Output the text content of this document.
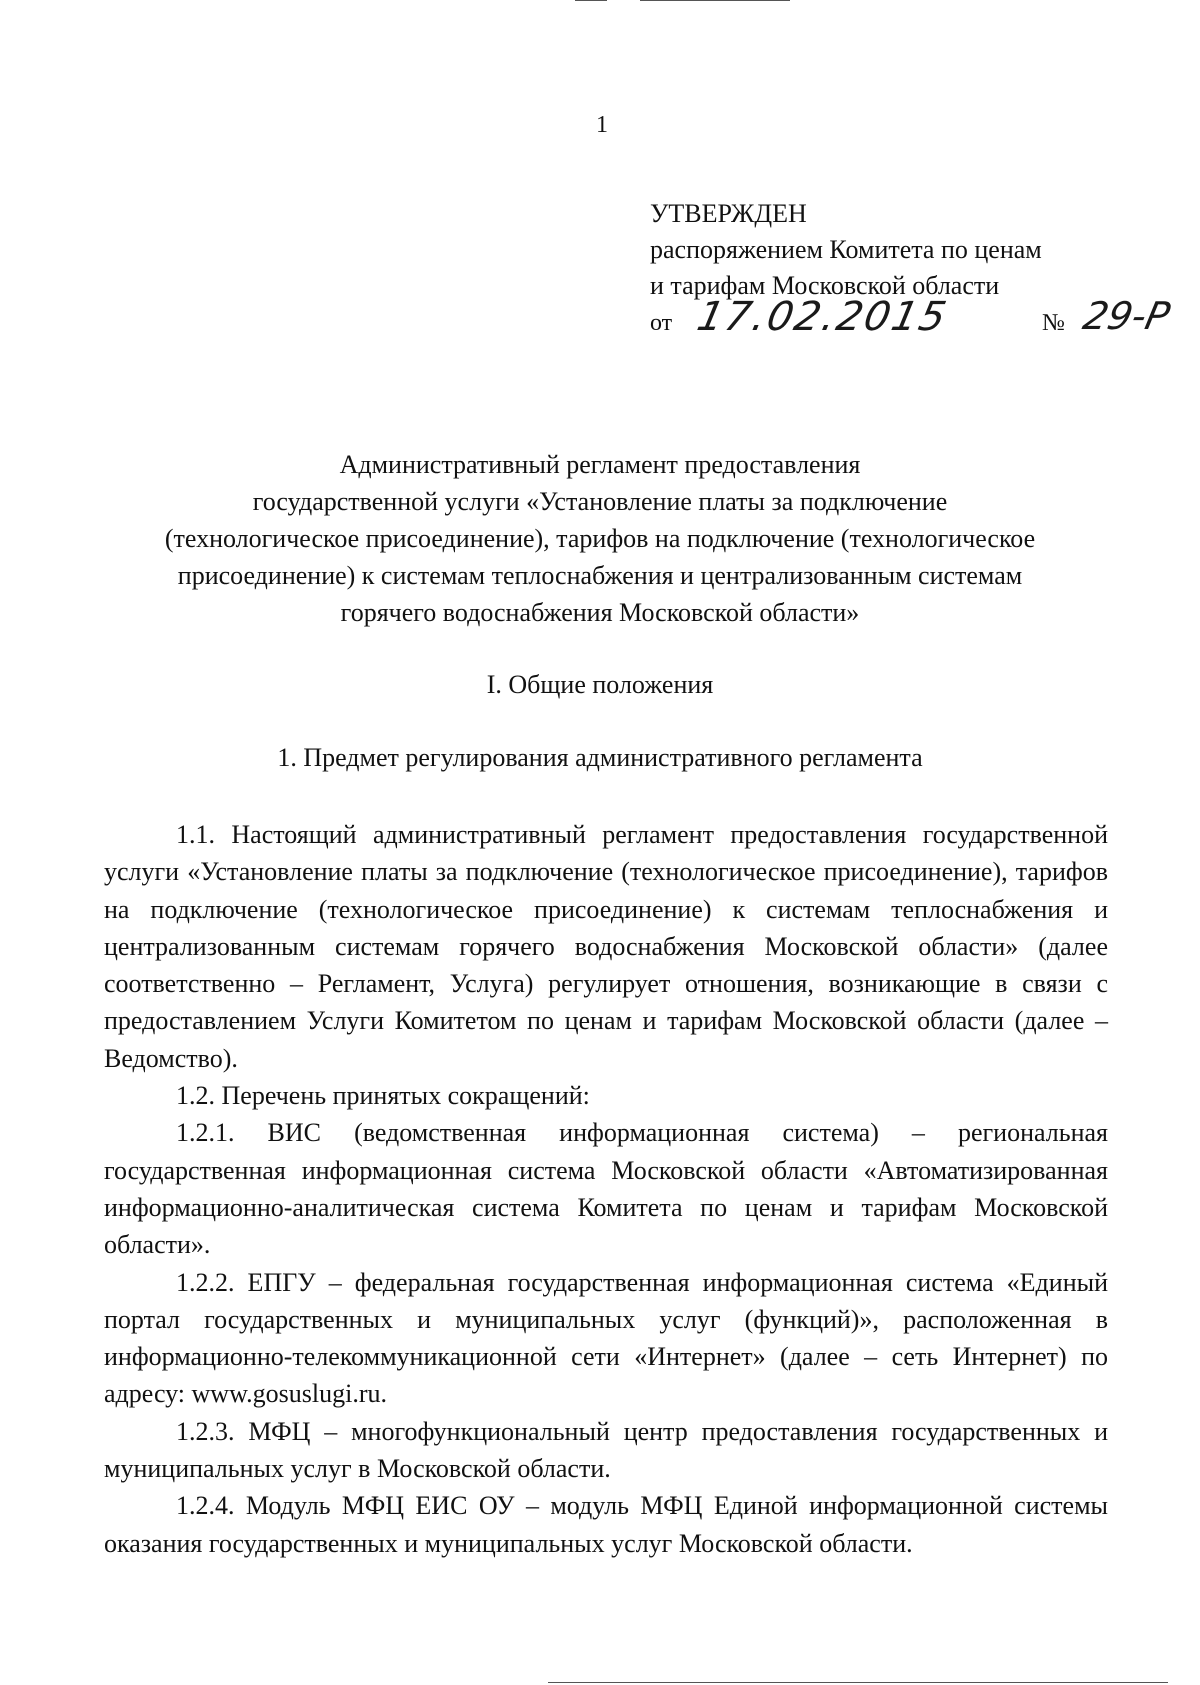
1
УТВЕРЖДЕН
распоряжением Комитета по ценам
и тарифам Московской области
от 17.02.2015	№ 29-Р
Административный регламент предоставления
государственной услуги «Установление платы за подключение
(технологическое присоединение), тарифов на подключение (технологическое
присоединение) к системам теплоснабжения и централизованным системам
горячего водоснабжения Московской области»
I. Общие положения
1. Предмет регулирования административного регламента

1.1. Настоящий административный регламент предоставления государственной услуги «Установление платы за подключение (технологическое присоединение), тарифов на подключение (технологическое присоединение) к системам теплоснабжения и централизованным системам горячего водоснабжения Московской области» (далее соответственно – Регламент, Услуга) регулирует отношения, возникающие в связи с предоставлением Услуги Комитетом по ценам и тарифам Московской области (далее – Ведомство).

1.2. Перечень принятых сокращений:

1.2.1. ВИС (ведомственная информационная система) – региональная государственная информационная система Московской области «Автоматизированная информационно-аналитическая система Комитета по ценам и тарифам Московской области».

1.2.2. ЕПГУ – федеральная государственная информационная система «Единый портал государственных и муниципальных услуг (функций)», расположенная в информационно-телекоммуникационной сети «Интернет» (далее – сеть Интернет) по адресу: www.gosuslugi.ru.

1.2.3. МФЦ – многофункциональный центр предоставления государственных и муниципальных услуг в Московской области.

1.2.4. Модуль МФЦ ЕИС ОУ – модуль МФЦ Единой информационной системы оказания государственных и муниципальных услуг Московской области.
